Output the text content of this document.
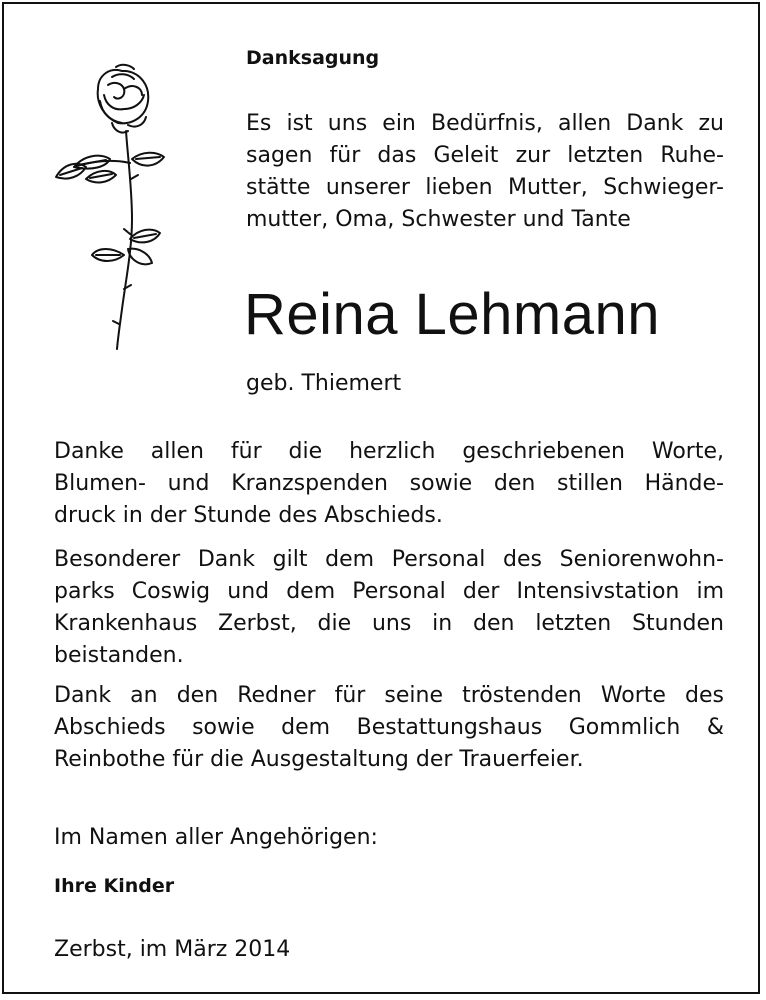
Danksagung
Es ist uns ein Bedürfnis, allen Dank zu
sagen für das Geleit zur letzten Ruhe-
stätte unserer lieben Mutter, Schwieger-
mutter, Oma, Schwester und Tante
Reina Lehmann
geb. Thiemert
Danke allen für die herzlich geschriebenen Worte,
Blumen- und Kranzspenden sowie den stillen Hände-
druck in der Stunde des Abschieds.
Besonderer Dank gilt dem Personal des Seniorenwohn-
parks Coswig und dem Personal der Intensivstation im
Krankenhaus Zerbst, die uns in den letzten Stunden
beistanden.
Dank an den Redner für seine tröstenden Worte des
Abschieds sowie dem Bestattungshaus Gommlich &
Reinbothe für die Ausgestaltung der Trauerfeier.
Im Namen aller Angehörigen:
Ihre Kinder
Zerbst, im März 2014
